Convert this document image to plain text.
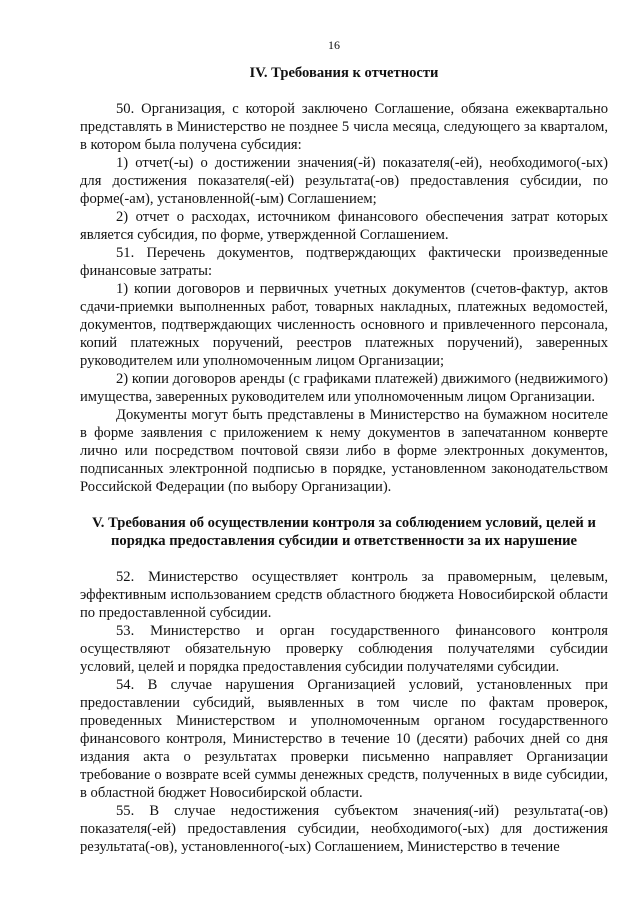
16
IV. Требования к отчетности

50. Организация, с которой заключено Соглашение, обязана ежеквартально представлять в Министерство не позднее 5 числа месяца, следующего за кварталом, в котором была получена субсидия:

1) отчет(-ы) о достижении значения(-й) показателя(-ей), необходимого(-ых) для достижения показателя(-ей) результата(-ов) предоставления субсидии, по форме(-ам), установленной(-ым) Соглашением;

2) отчет о расходах, источником финансового обеспечения затрат которых является субсидия, по форме, утвержденной Соглашением.

51. Перечень документов, подтверждающих фактически произведенные финансовые затраты:

1) копии договоров и первичных учетных документов (счетов-фактур, актов сдачи-приемки выполненных работ, товарных накладных, платежных ведомостей, документов, подтверждающих численность основного и привлеченного персонала, копий платежных поручений, реестров платежных поручений), заверенных руководителем или уполномоченным лицом Организации;

2) копии договоров аренды (с графиками платежей) движимого (недвижимого) имущества, заверенных руководителем или уполномоченным лицом Организации.

Документы могут быть представлены в Министерство на бумажном носителе в форме заявления с приложением к нему документов в запечатанном конверте лично или посредством почтовой связи либо в форме электронных документов, подписанных электронной подписью в порядке, установленном законодательством Российской Федерации (по выбору Организации).

V. Требования об осуществлении контроля за соблюдением условий, целей и порядка предоставления субсидии и ответственности за их нарушение

52. Министерство осуществляет контроль за правомерным, целевым, эффективным использованием средств областного бюджета Новосибирской области по предоставленной субсидии.

53. Министерство и орган государственного финансового контроля осуществляют обязательную проверку соблюдения получателями субсидии условий, целей и порядка предоставления субсидии получателями субсидии.

54. В случае нарушения Организацией условий, установленных при предоставлении субсидий, выявленных в том числе по фактам проверок, проведенных Министерством и уполномоченным органом государственного финансового контроля, Министерство в течение 10 (десяти) рабочих дней со дня издания акта о результатах проверки письменно направляет Организации требование о возврате всей суммы денежных средств, полученных в виде субсидии, в областной бюджет Новосибирской области.

55. В случае недостижения субъектом значения(-ий) результата(-ов) показателя(-ей) предоставления субсидии, необходимого(-ых) для достижения результата(-ов), установленного(-ых) Соглашением, Министерство в течение
